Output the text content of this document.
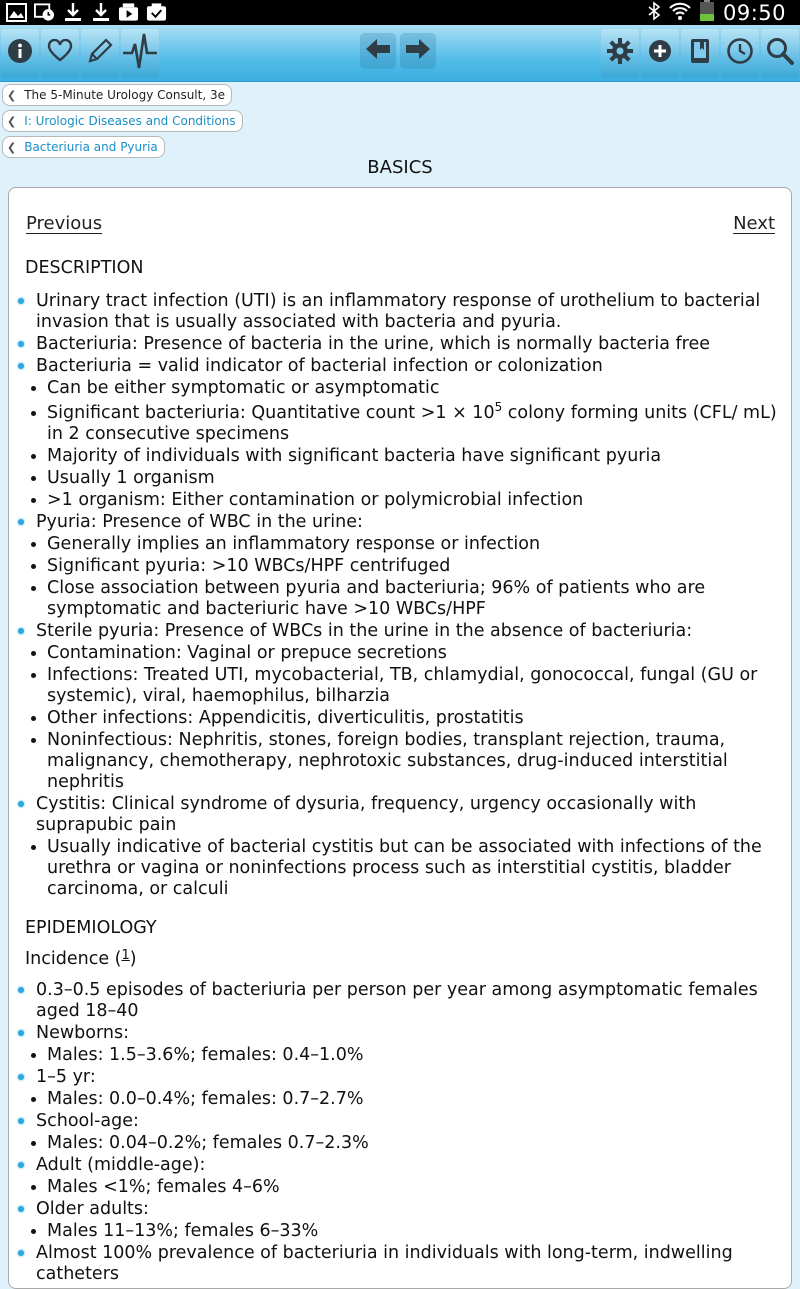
09:50
❮ The 5-Minute Urology Consult, 3e
❮ I: Urologic Diseases and Conditions
❮ Bacteriuria and Pyuria
BASICS
Previous	Next
DESCRIPTION
Urinary tract infection (UTI) is an inflammatory response of urothelium to bacterial invasion that is usually associated with bacteria and pyuria.
Bacteriuria: Presence of bacteria in the urine, which is normally bacteria free
Bacteriuria = valid indicator of bacterial infection or colonization
Can be either symptomatic or asymptomatic
Significant bacteriuria: Quantitative count $>1 \times 10^5$ colony forming units (CFL/ mL) in 2 consecutive specimens
Majority of individuals with significant bacteria have significant pyuria
Usually 1 organism
>1 organism: Either contamination or polymicrobial infection
Pyuria: Presence of WBC in the urine:
Generally implies an inflammatory response or infection
Significant pyuria: >10 WBCs/HPF centrifuged
Close association between pyuria and bacteriuria; 96% of patients who are symptomatic and bacteriuric have >10 WBCs/HPF
Sterile pyuria: Presence of WBCs in the urine in the absence of bacteriuria:
Contamination: Vaginal or prepuce secretions
Infections: Treated UTI, mycobacterial, TB, chlamydial, gonococcal, fungal (GU or systemic), viral, haemophilus, bilharzia
Other infections: Appendicitis, diverticulitis, prostatitis
Noninfectious: Nephritis, stones, foreign bodies, transplant rejection, trauma, malignancy, chemotherapy, nephrotoxic substances, drug-induced interstitial nephritis
Cystitis: Clinical syndrome of dysuria, frequency, urgency occasionally with suprapubic pain
Usually indicative of bacterial cystitis but can be associated with infections of the urethra or vagina or noninfections process such as interstitial cystitis, bladder carcinoma, or calculi
EPIDEMIOLOGY
Incidence ($^1$)
0.3–0.5 episodes of bacteriuria per person per year among asymptomatic females aged 18–40
Newborns:
Males: 1.5–3.6%; females: 0.4–1.0%
1–5 yr:
Males: 0.0–0.4%; females: 0.7–2.7%
School-age:
Males: 0.04–0.2%; females 0.7–2.3%
Adult (middle-age):
Males <1%; females 4–6%
Older adults:
Males 11–13%; females 6–33%
Almost 100% prevalence of bacteriuria in individuals with long-term, indwelling catheters
